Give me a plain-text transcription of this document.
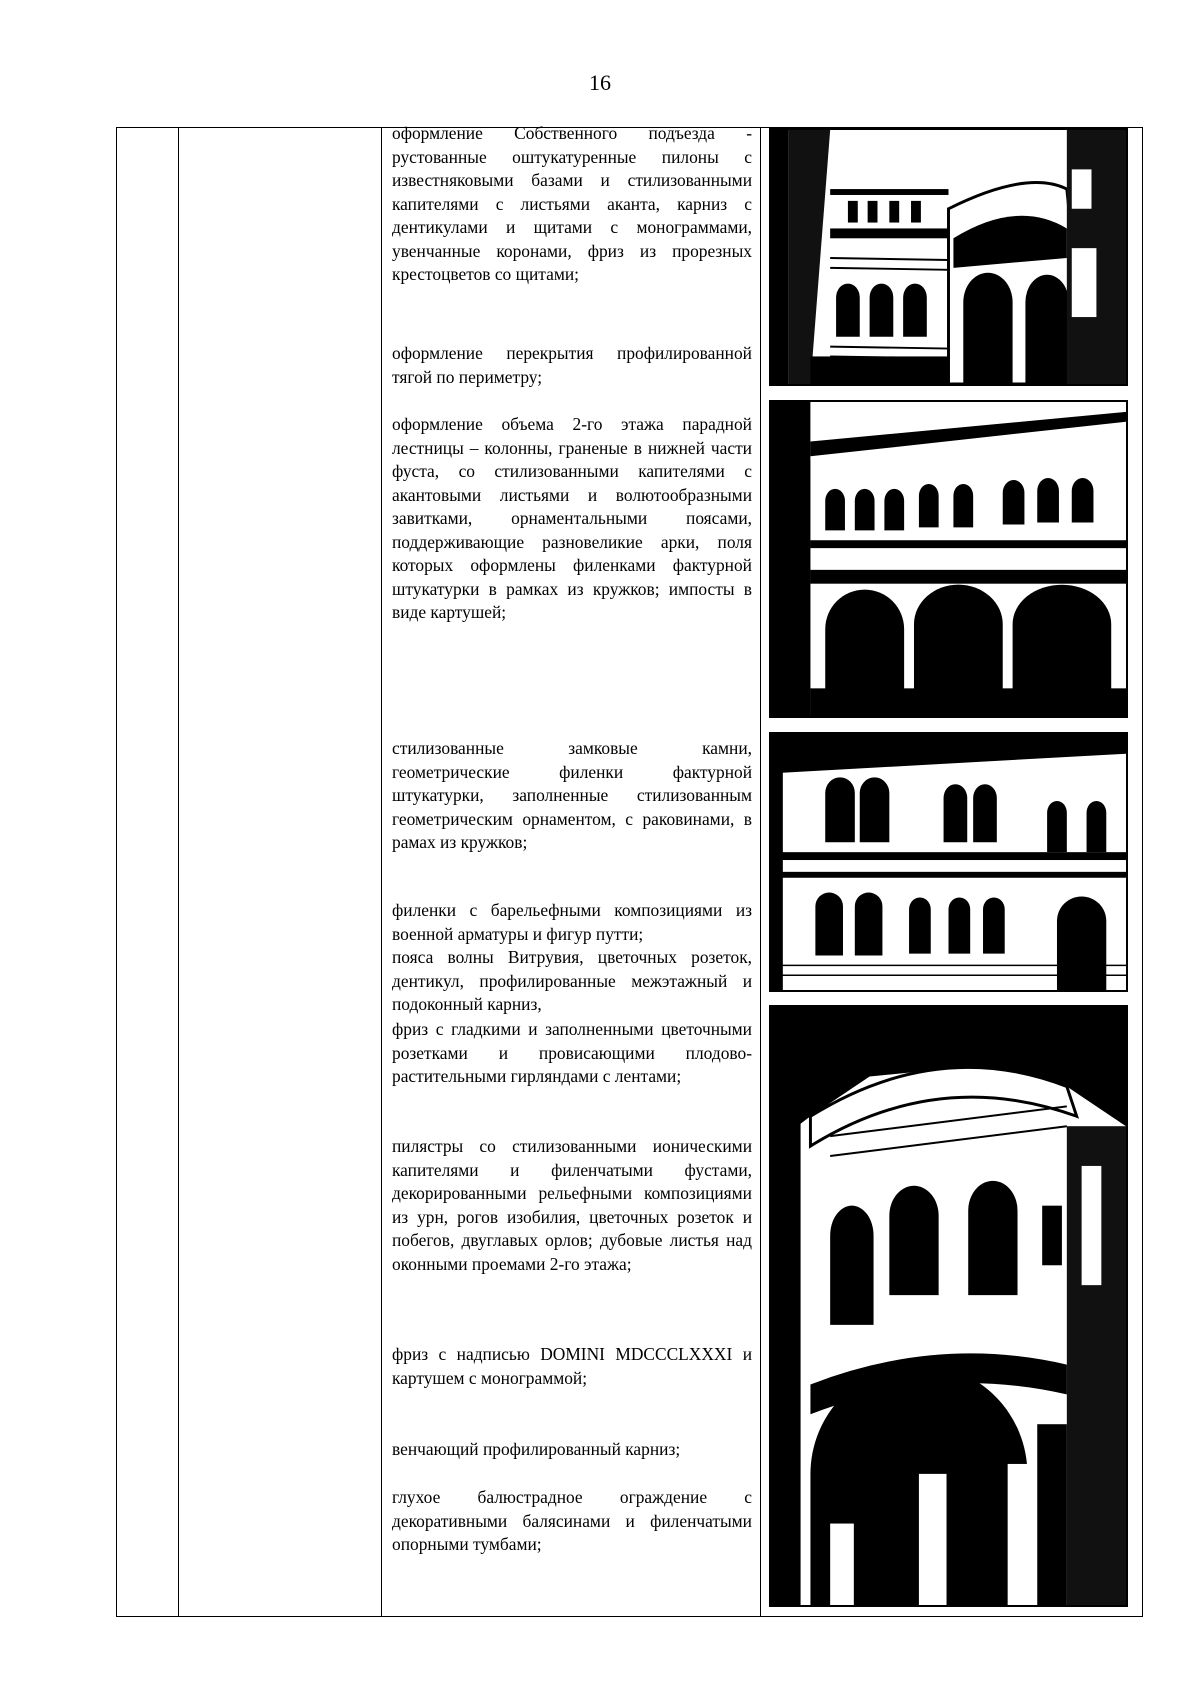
16
оформление Собственного подъезда - рустованные оштукатуренные пилоны с известняковыми базами и стилизованными капителями с листьями аканта, карниз с дентикулами и щитами с монограммами, увенчанные коронами, фриз из прорезных крестоцветов со щитами;
оформление перекрытия профилированной тягой по периметру;
оформление объема 2-го этажа парадной лестницы – колонны, граненые в нижней части фуста, со стилизованными капителями с акантовыми листьями и волютообразными завитками, орнаментальными поясами, поддерживающие разновеликие арки, поля которых оформлены филенками фактурной штукатурки в рамках из кружков; импосты в виде картушей;
стилизованные замковые камни, геометрические филенки фактурной штукатурки, заполненные стилизованным геометрическим орнаментом, с раковинами, в рамах из кружков;
филенки с барельефными композициями из военной арматуры и фигур путти;
пояса волны Витрувия, цветочных розеток, дентикул, профилированные межэтажный и подоконный карниз,
фриз с гладкими и заполненными цветочными розетками и провисающими плодово-растительными гирляндами с лентами;
пилястры со стилизованными ионическими капителями и филенчатыми фустами, декорированными рельефными композициями из урн, рогов изобилия, цветочных розеток и побегов, двуглавых орлов; дубовые листья над оконными проемами 2-го этажа;
фриз с надписью DOMINI MDCCCLXXXI и картушем с монограммой;
венчающий профилированный карниз;
глухое балюстрадное ограждение с декоративными балясинами и филенчатыми опорными тумбами;
